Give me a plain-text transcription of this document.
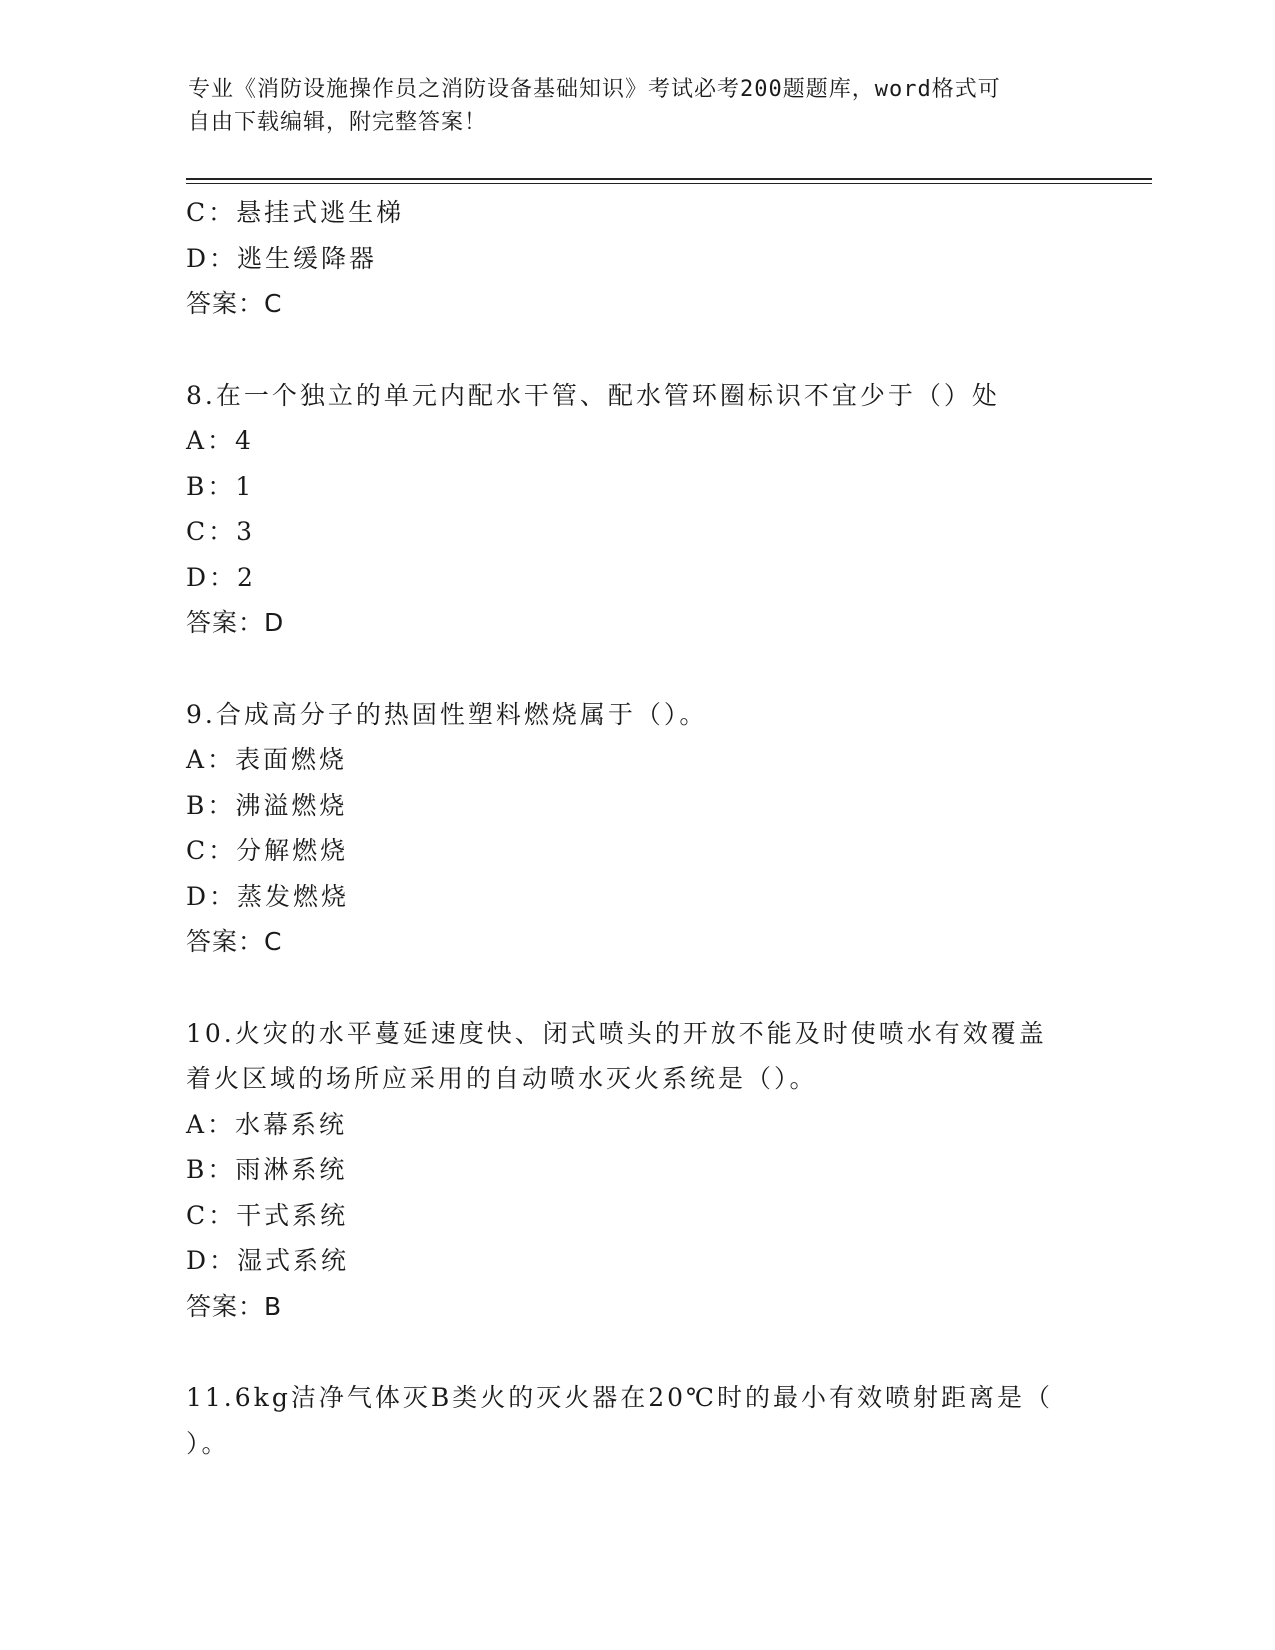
专业《消防设施操作员之消防设备基础知识》考试必考200题题库，word格式可
自由下载编辑，附完整答案！
C：悬挂式逃生梯
D：逃生缓降器
答案：C
8.在一个独立的单元内配水干管、配水管环圈标识不宜少于（）处
A：4
B：1
C：3
D：2
答案：D
9.合成高分子的热固性塑料燃烧属于（）。
A：表面燃烧
B：沸溢燃烧
C：分解燃烧
D：蒸发燃烧
答案：C
10.火灾的水平蔓延速度快、闭式喷头的开放不能及时使喷水有效覆盖
着火区域的场所应采用的自动喷水灭火系统是（）。
A：水幕系统
B：雨淋系统
C：干式系统
D：湿式系统
答案：B
11.6kg洁净气体灭B类火的灭火器在20℃时的最小有效喷射距离是（
）。
